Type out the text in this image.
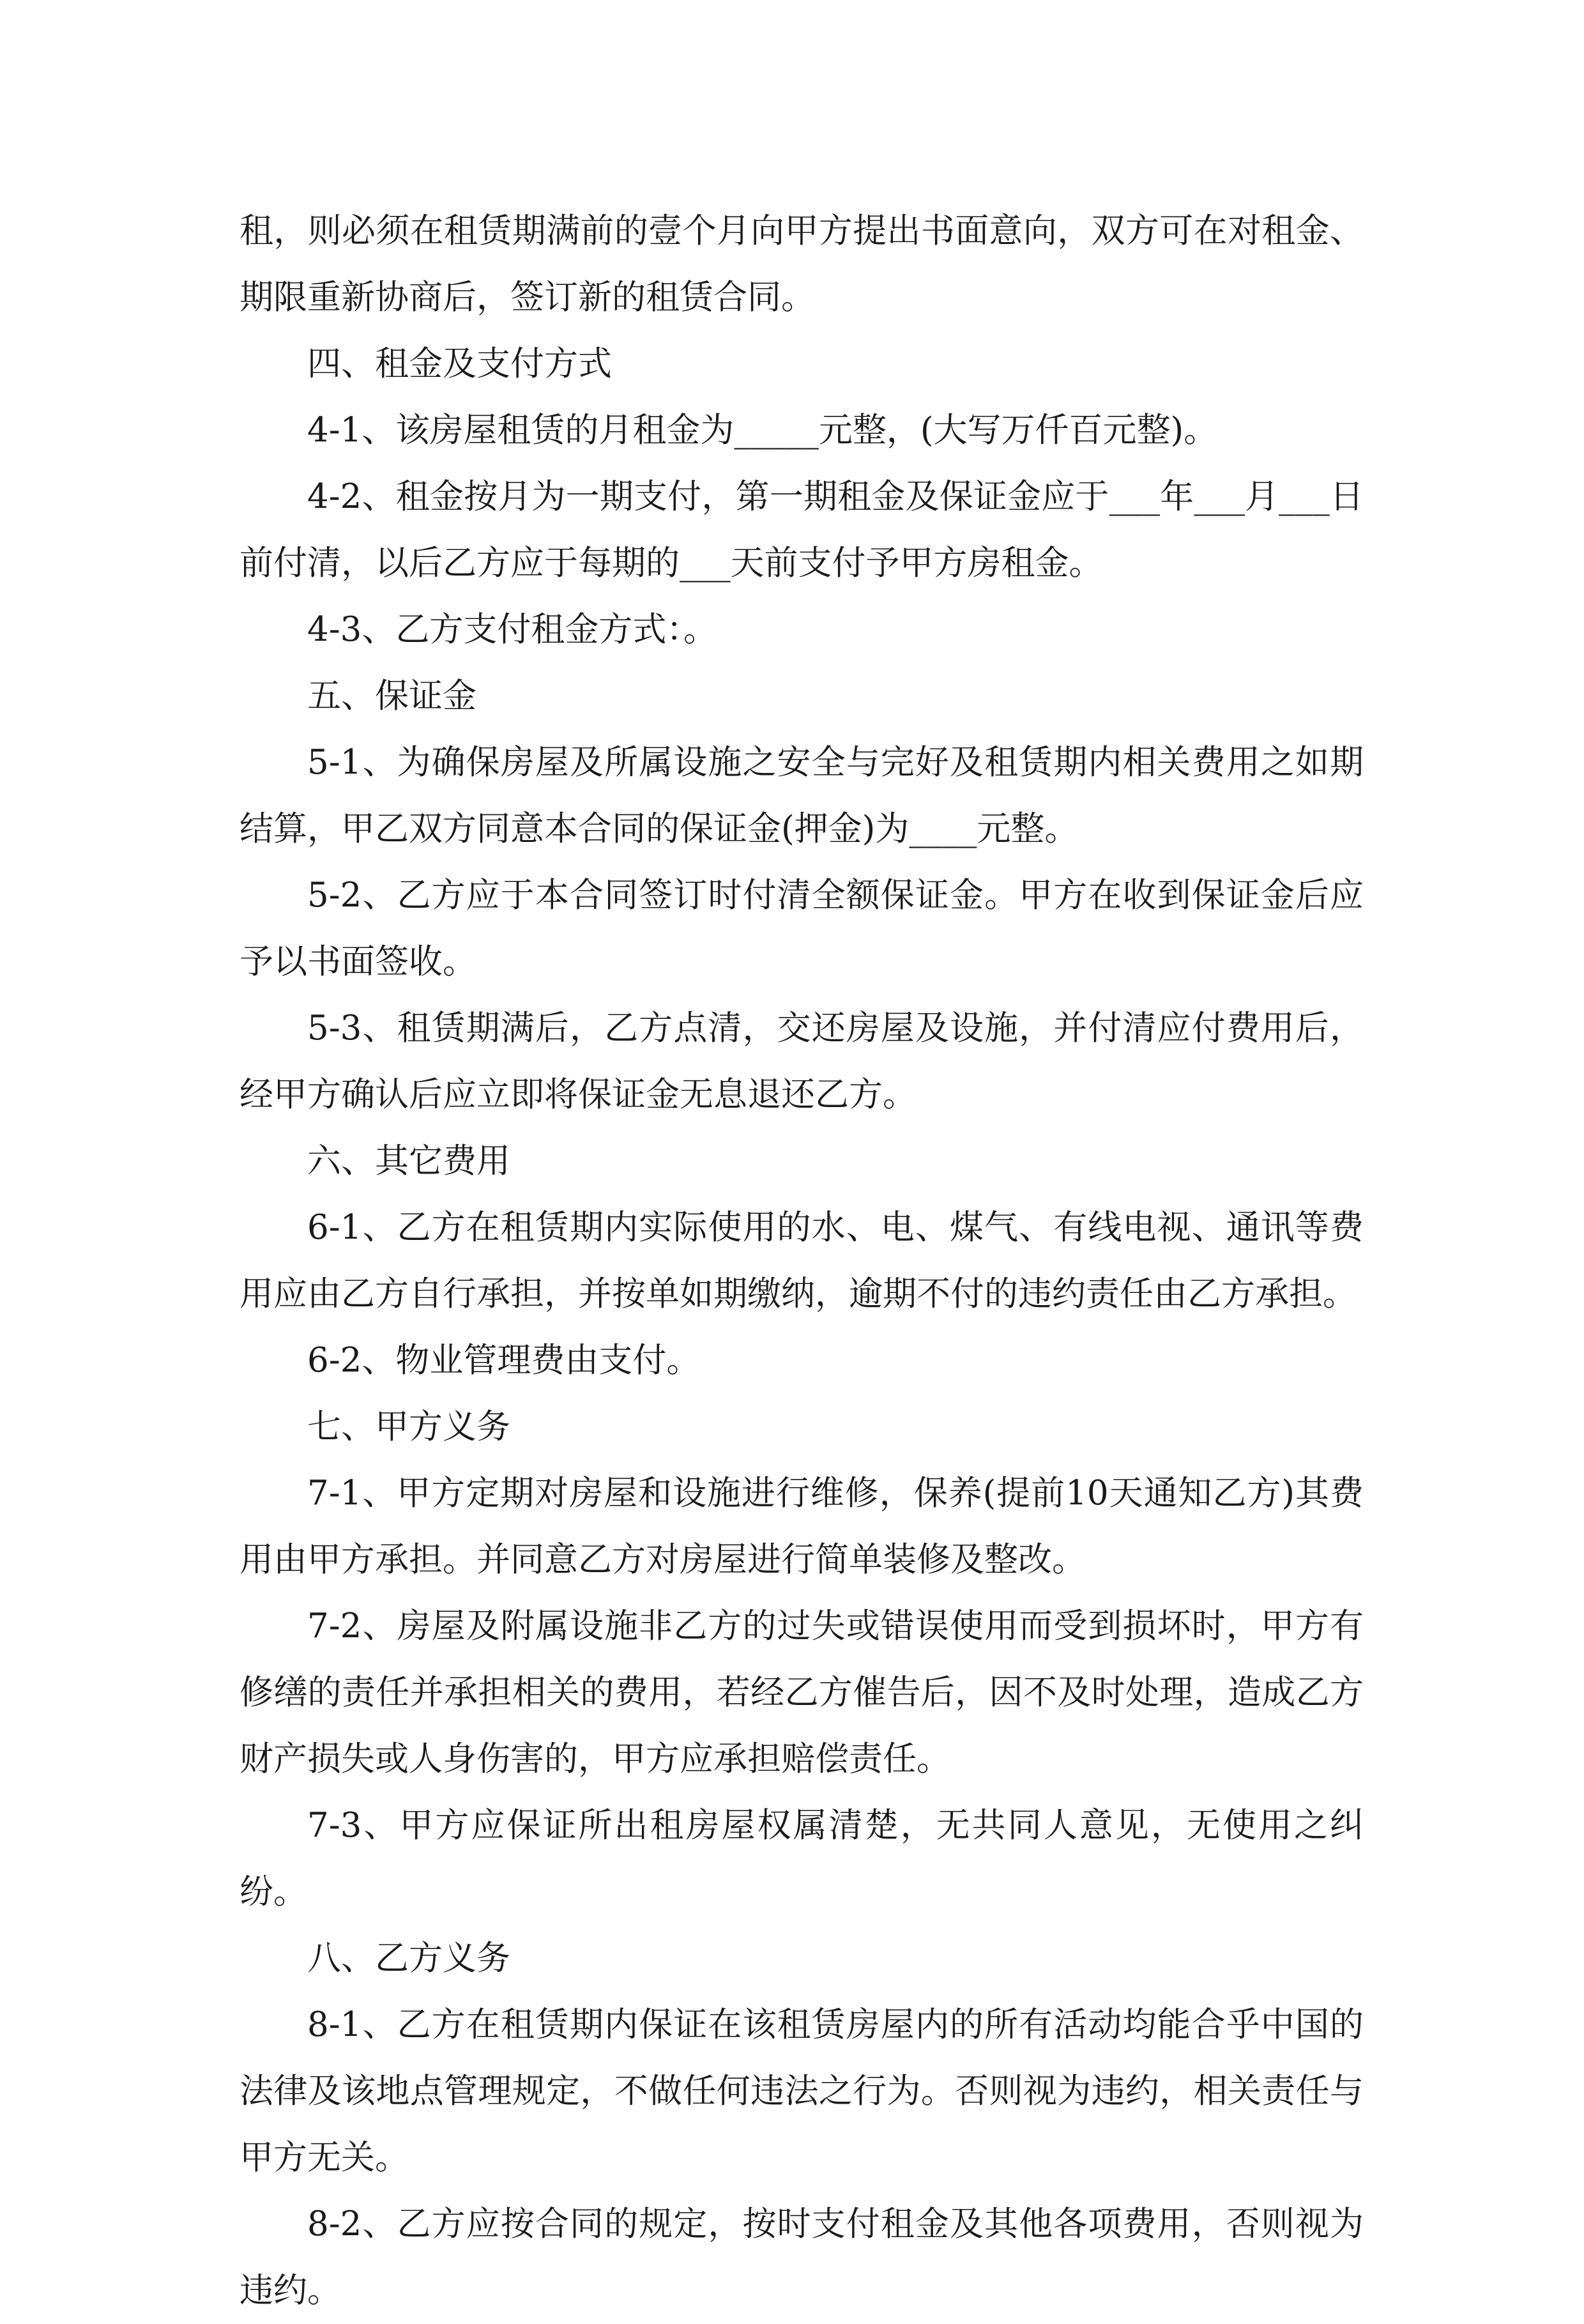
租，则必须在租赁期满前的壹个月向甲方提出书面意向，双方可在对租金、期限重新协商后，签订新的租赁合同。

四、租金及支付方式

4-1、该房屋租赁的月租金为_____元整，(大写万仟百元整)。

4-2、租金按月为一期支付，第一期租金及保证金应于___年___月___日前付清，以后乙方应于每期的___天前支付予甲方房租金。

4-3、乙方支付租金方式：。

五、保证金

5-1、为确保房屋及所属设施之安全与完好及租赁期内相关费用之如期结算，甲乙双方同意本合同的保证金(押金)为____元整。

5-2、乙方应于本合同签订时付清全额保证金。甲方在收到保证金后应予以书面签收。

5-3、租赁期满后，乙方点清，交还房屋及设施，并付清应付费用后，经甲方确认后应立即将保证金无息退还乙方。

六、其它费用

6-1、乙方在租赁期内实际使用的水、电、煤气、有线电视、通讯等费用应由乙方自行承担，并按单如期缴纳，逾期不付的违约责任由乙方承担。

6-2、物业管理费由支付。

七、甲方义务

7-1、甲方定期对房屋和设施进行维修，保养(提前10天通知乙方)其费用由甲方承担。并同意乙方对房屋进行简单装修及整改。

7-2、房屋及附属设施非乙方的过失或错误使用而受到损坏时，甲方有修缮的责任并承担相关的费用，若经乙方催告后，因不及时处理，造成乙方财产损失或人身伤害的，甲方应承担赔偿责任。

7-3、甲方应保证所出租房屋权属清楚，无共同人意见，无使用之纠纷。

八、乙方义务

8-1、乙方在租赁期内保证在该租赁房屋内的所有活动均能合乎中国的法律及该地点管理规定，不做任何违法之行为。否则视为违约，相关责任与甲方无关。

8-2、乙方应按合同的规定，按时支付租金及其他各项费用，否则视为违约。
